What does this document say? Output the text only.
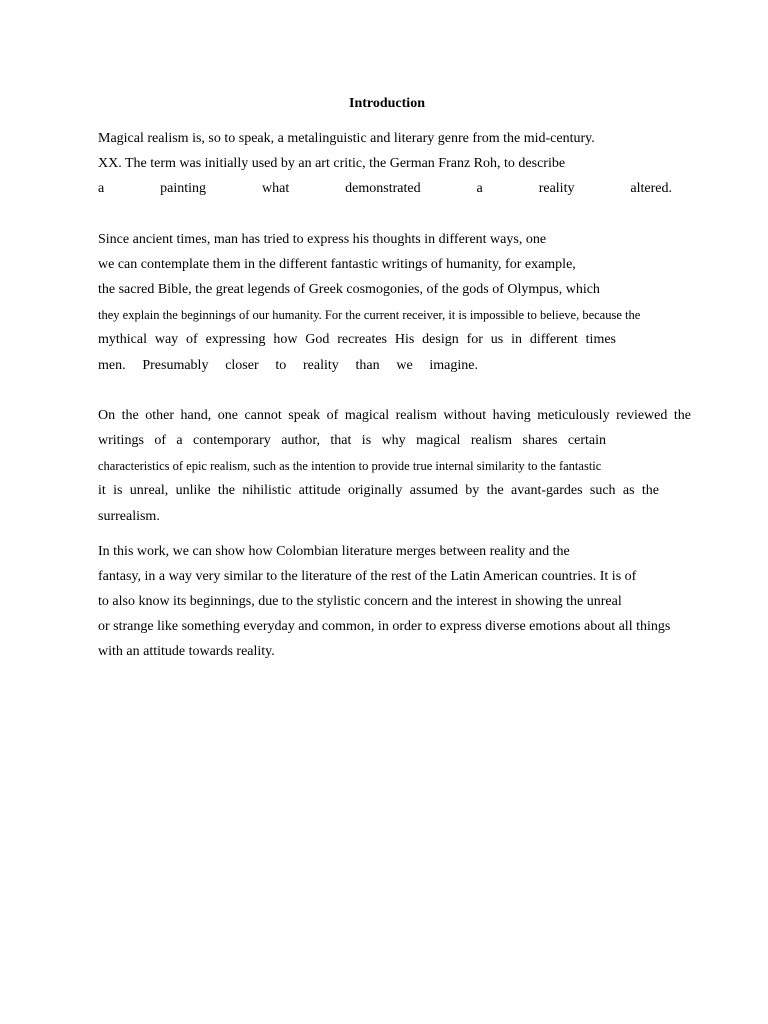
Introduction
Magical realism is, so to speak, a metalinguistic and literary genre from the mid-century.
XX. The term was initially used by an art critic, the German Franz Roh, to describe
a painting what demonstrated a reality altered.
Since ancient times, man has tried to express his thoughts in different ways, one
we can contemplate them in the different fantastic writings of humanity, for example,
the sacred Bible, the great legends of Greek cosmogonies, of the gods of Olympus, which
they explain the beginnings of our humanity. For the current receiver, it is impossible to believe, because the
mythical way of expressing how God recreates His design for us in different times
men. Presumably closer to reality than we imagine.
On the other hand, one cannot speak of magical realism without having meticulously reviewed the
writings of a contemporary author, that is why magical realism shares certain
characteristics of epic realism, such as the intention to provide true internal similarity to the fantastic
it is unreal, unlike the nihilistic attitude originally assumed by the avant-gardes such as the
surrealism.
In this work, we can show how Colombian literature merges between reality and the
fantasy, in a way very similar to the literature of the rest of the Latin American countries. It is of
to also know its beginnings, due to the stylistic concern and the interest in showing the unreal
or strange like something everyday and common, in order to express diverse emotions about all things
with an attitude towards reality.
